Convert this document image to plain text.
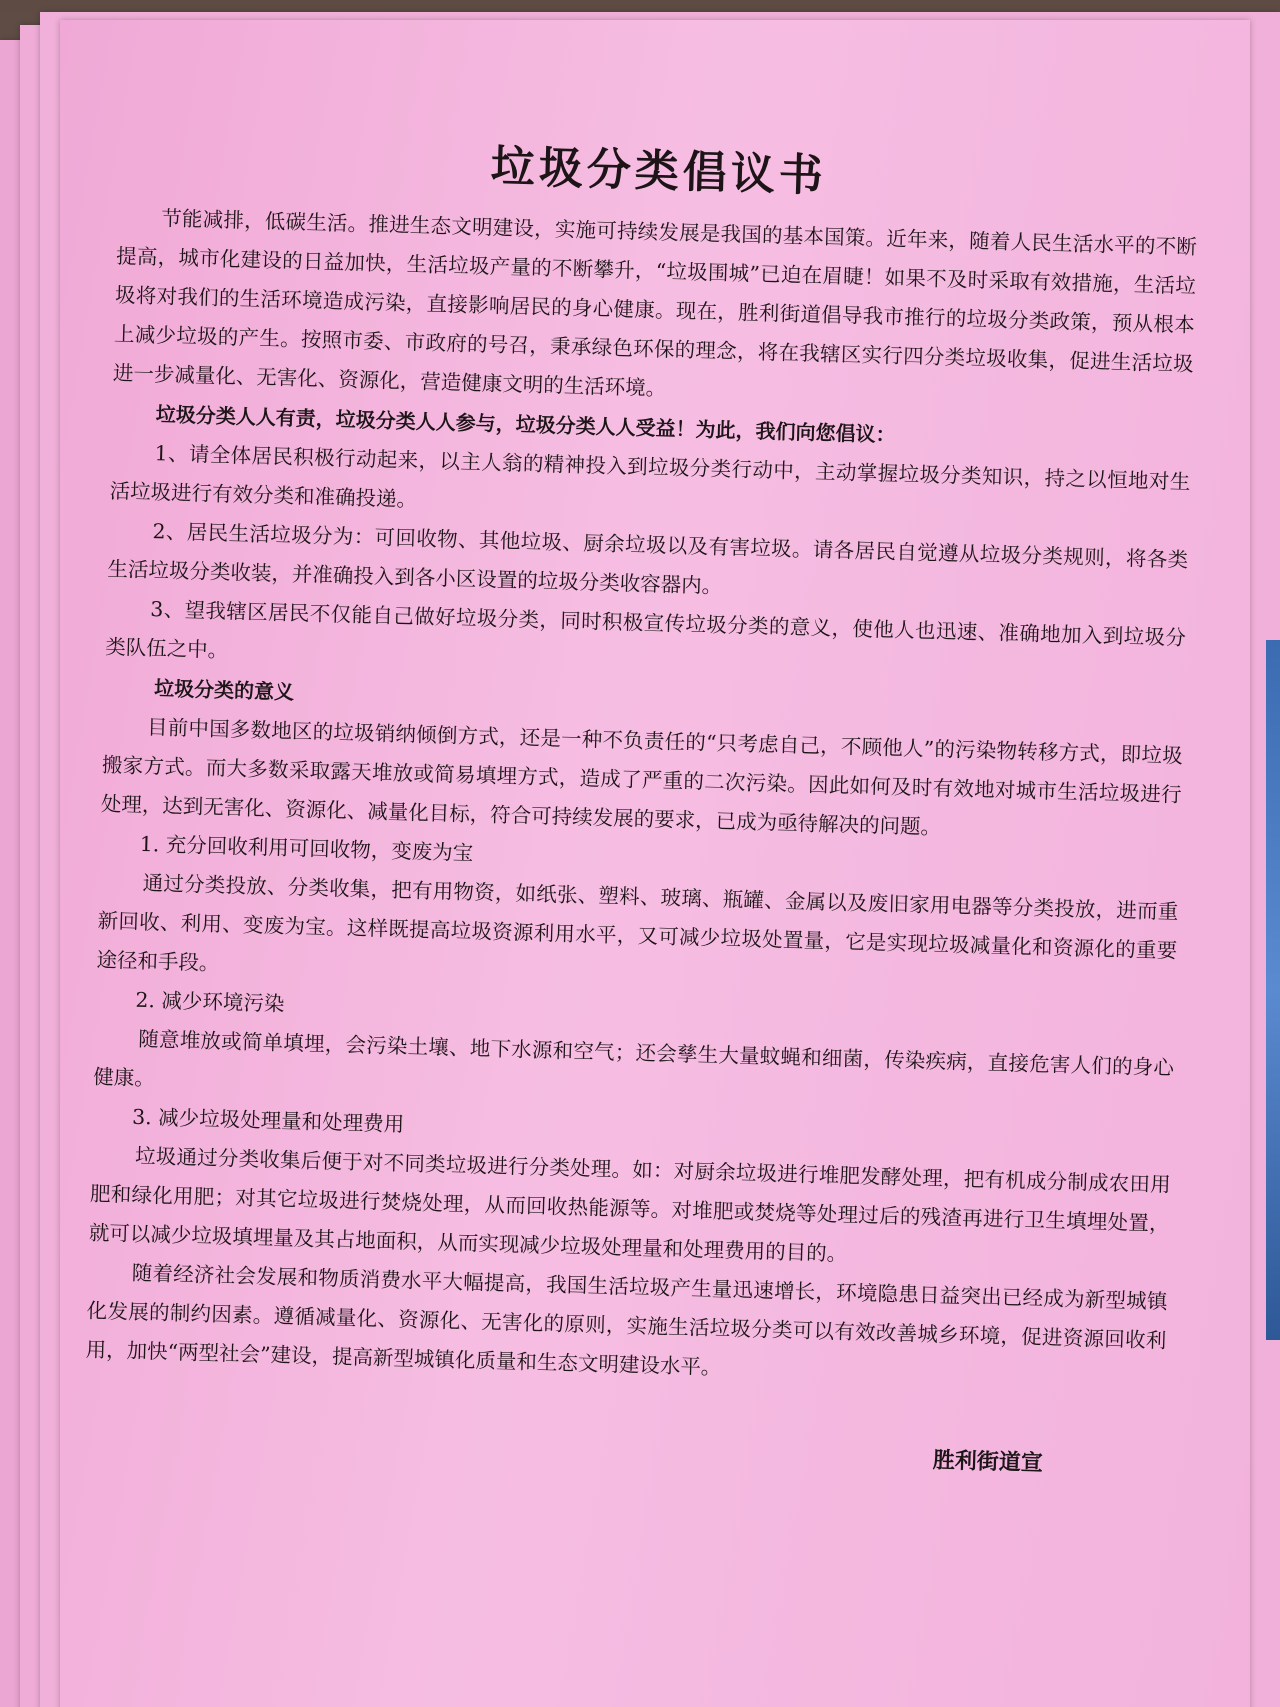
垃圾分类倡议书

节能减排，低碳生活。推进生态文明建设，实施可持续发展是我国的基本国策。近年来，随着人民生活水平的不断提高，城市化建设的日益加快，生活垃圾产量的不断攀升，“垃圾围城”已迫在眉睫！如果不及时采取有效措施，生活垃圾将对我们的生活环境造成污染，直接影响居民的身心健康。现在，胜利街道倡导我市推行的垃圾分类政策，预从根本上减少垃圾的产生。按照市委、市政府的号召，秉承绿色环保的理念，将在我辖区实行四分类垃圾收集，促进生活垃圾进一步减量化、无害化、资源化，营造健康文明的生活环境。

垃圾分类人人有责，垃圾分类人人参与，垃圾分类人人受益！为此，我们向您倡议：

1、请全体居民积极行动起来，以主人翁的精神投入到垃圾分类行动中，主动掌握垃圾分类知识，持之以恒地对生活垃圾进行有效分类和准确投递。

2、居民生活垃圾分为：可回收物、其他垃圾、厨余垃圾以及有害垃圾。请各居民自觉遵从垃圾分类规则，将各类生活垃圾分类收装，并准确投入到各小区设置的垃圾分类收容器内。

3、望我辖区居民不仅能自己做好垃圾分类，同时积极宣传垃圾分类的意义，使他人也迅速、准确地加入到垃圾分类队伍之中。

垃圾分类的意义

目前中国多数地区的垃圾销纳倾倒方式，还是一种不负责任的“只考虑自己，不顾他人”的污染物转移方式，即垃圾搬家方式。而大多数采取露天堆放或简易填埋方式，造成了严重的二次污染。因此如何及时有效地对城市生活垃圾进行处理，达到无害化、资源化、减量化目标，符合可持续发展的要求，已成为亟待解决的问题。

1. 充分回收利用可回收物，变废为宝

通过分类投放、分类收集，把有用物资，如纸张、塑料、玻璃、瓶罐、金属以及废旧家用电器等分类投放，进而重新回收、利用、变废为宝。这样既提高垃圾资源利用水平，又可减少垃圾处置量，它是实现垃圾减量化和资源化的重要途径和手段。

2. 减少环境污染

随意堆放或简单填埋，会污染土壤、地下水源和空气；还会孳生大量蚊蝇和细菌，传染疾病，直接危害人们的身心健康。

3. 减少垃圾处理量和处理费用

垃圾通过分类收集后便于对不同类垃圾进行分类处理。如：对厨余垃圾进行堆肥发酵处理，把有机成分制成农田用肥和绿化用肥；对其它垃圾进行焚烧处理，从而回收热能源等。对堆肥或焚烧等处理过后的残渣再进行卫生填埋处置，就可以减少垃圾填埋量及其占地面积，从而实现减少垃圾处理量和处理费用的目的。

随着经济社会发展和物质消费水平大幅提高，我国生活垃圾产生量迅速增长，环境隐患日益突出已经成为新型城镇化发展的制约因素。遵循减量化、资源化、无害化的原则，实施生活垃圾分类可以有效改善城乡环境，促进资源回收利用，加快“两型社会”建设，提高新型城镇化质量和生态文明建设水平。

胜利街道宣
